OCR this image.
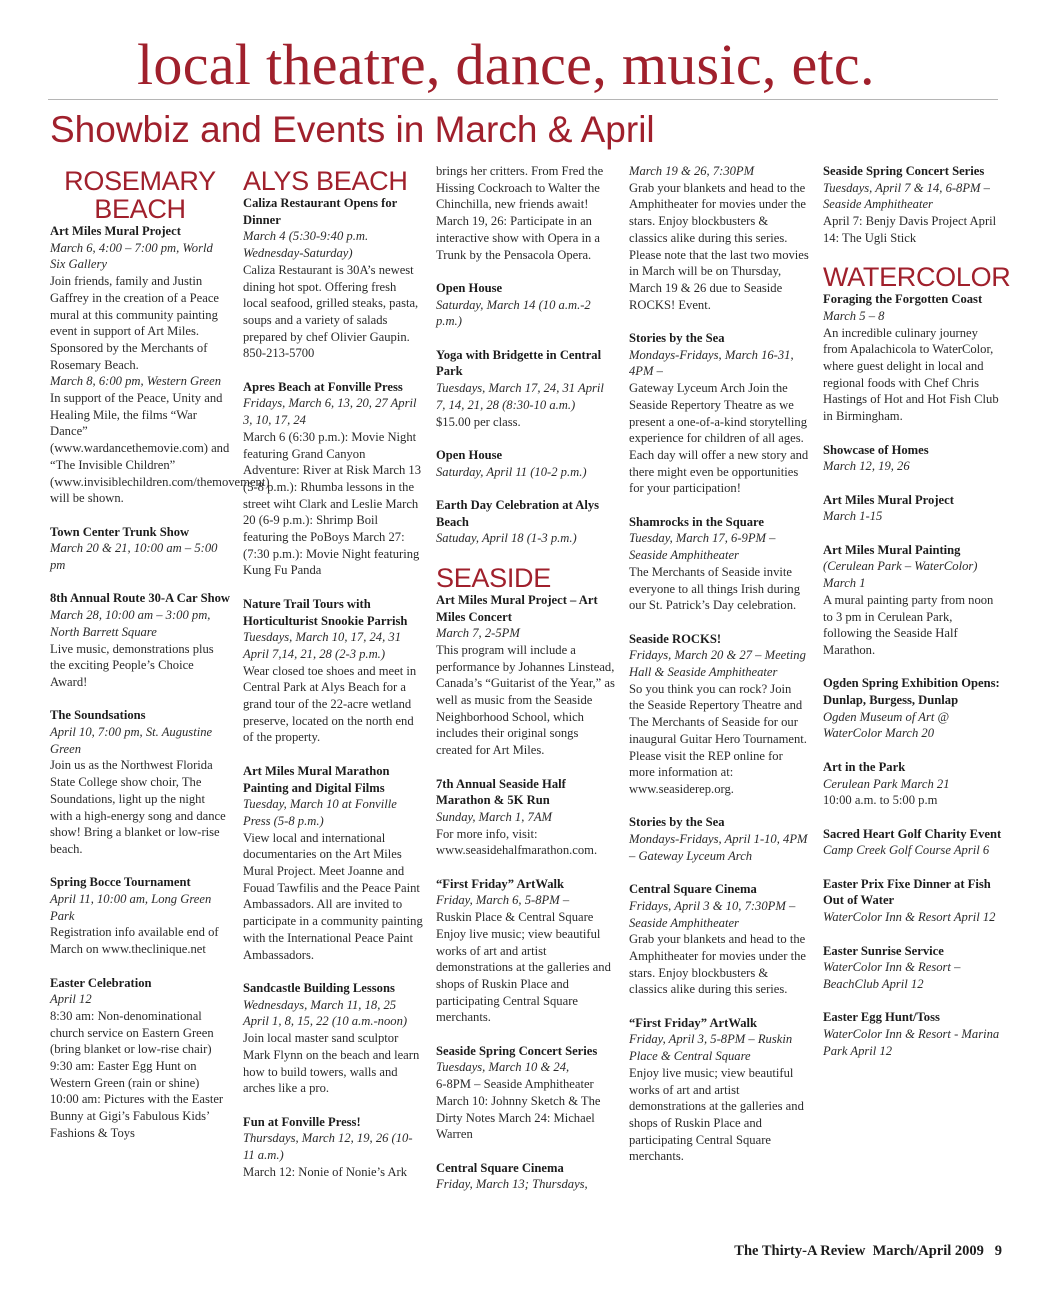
local theatre, dance, music, etc.
Showbiz and Events in March & April
ROSEMARY BEACH
Art Miles Mural Project
March 6, 4:00 – 7:00 pm, World Six Gallery
Join friends, family and Justin Gaffrey in the creation of a Peace mural at this community painting event in support of Art Miles. Sponsored by the Merchants of Rosemary Beach.
March 8, 6:00 pm, Western Green
In support of the Peace, Unity and Healing Mile, the films “War Dance” (www.wardancethemovie.com) and “The Invisible Children” (www.invisiblechildren.com/themovement) will be shown.
Town Center Trunk Show
March 20 & 21, 10:00 am – 5:00 pm
8th Annual Route 30-A Car Show
March 28, 10:00 am – 3:00 pm, North Barrett Square
Live music, demonstrations plus the exciting People’s Choice Award!
The Soundsations
April 10, 7:00 pm, St. Augustine Green
Join us as the Northwest Florida State College show choir, The Soundations, light up the night with a high-energy song and dance show! Bring a blanket or low-rise beach.
Spring Bocce Tournament
April 11, 10:00 am, Long Green Park
Registration info available end of March on www.theclinique.net
Easter Celebration
April 12
8:30 am: Non-denominational church service on Eastern Green (bring blanket or low-rise chair) 9:30 am: Easter Egg Hunt on Western Green (rain or shine) 10:00 am: Pictures with the Easter Bunny at Gigi’s Fabulous Kids’ Fashions & Toys
ALYS BEACH
Caliza Restaurant Opens for Dinner
March 4 (5:30-9:40 p.m. Wednesday-Saturday)
Caliza Restaurant is 30A’s newest dining hot spot. Offering fresh local seafood, grilled steaks, pasta, soups and a variety of salads prepared by chef Olivier Gaupin. 850-213-5700
Apres Beach at Fonville Press
Fridays, March 6, 13, 20, 27 April 3, 10, 17, 24
March 6 (6:30 p.m.): Movie Night featuring Grand Canyon Adventure: River at Risk March 13 (5-8 p.m.): Rhumba lessons in the street wiht Clark and Leslie March 20 (6-9 p.m.): Shrimp Boil featuring the PoBoys March 27: (7:30 p.m.): Movie Night featuring Kung Fu Panda
Nature Trail Tours with Horticulturist Snookie Parrish
Tuesdays, March 10, 17, 24, 31 April 7,14, 21, 28 (2-3 p.m.)
Wear closed toe shoes and meet in Central Park at Alys Beach for a grand tour of the 22-acre wetland preserve, located on the north end of the property.
Art Miles Mural Marathon Painting and Digital Films
Tuesday, March 10 at Fonville Press (5-8 p.m.)
View local and international documentaries on the Art Miles Mural Project. Meet Joanne and Fouad Tawfilis and the Peace Paint Ambassadors. All are invited to participate in a community painting with the International Peace Paint Ambassadors.
Sandcastle Building Lessons
Wednesdays, March 11, 18, 25 April 1, 8, 15, 22 (10 a.m.-noon)
Join local master sand sculptor Mark Flynn on the beach and learn how to build towers, walls and arches like a pro.
Fun at Fonville Press!
Thursdays, March 12, 19, 26 (10-11 a.m.)
March 12: Nonie of Nonie’s Ark
brings her critters. From Fred the Hissing Cockroach to Walter the Chinchilla, new friends await! March 19, 26: Participate in an interactive show with Opera in a Trunk by the Pensacola Opera.
Open House
Saturday, March 14 (10 a.m.-2 p.m.)
Yoga with Bridgette in Central Park
Tuesdays, March 17, 24, 31 April 7, 14, 21, 28 (8:30-10 a.m.)
$15.00 per class.
Open House
Saturday, April 11 (10-2 p.m.)
Earth Day Celebration at Alys Beach
Satuday, April 18 (1-3 p.m.)
SEASIDE
Art Miles Mural Project – Art Miles Concert
March 7, 2-5PM
This program will include a performance by Johannes Linstead, Canada’s “Guitarist of the Year,” as well as music from the Seaside Neighborhood School, which includes their original songs created for Art Miles.
7th Annual Seaside Half Marathon & 5K Run
Sunday, March 1, 7AM
For more info, visit: www.seasidehalfmarathon.com.
“First Friday” ArtWalk
Friday, March 6, 5-8PM –
Ruskin Place & Central Square Enjoy live music; view beautiful works of art and artist demonstrations at the galleries and shops of Ruskin Place and participating Central Square merchants.
Seaside Spring Concert Series
Tuesdays, March 10 & 24,
6-8PM – Seaside Amphitheater March 10: Johnny Sketch & The Dirty Notes March 24: Michael Warren
Central Square Cinema
Friday, March 13; Thursdays,
March 19 & 26, 7:30PM
Grab your blankets and head to the Amphitheater for movies under the stars. Enjoy blockbusters & classics alike during this series. Please note that the last two movies in March will be on Thursday, March 19 & 26 due to Seaside ROCKS! Event.
Stories by the Sea
Mondays-Fridays, March 16-31, 4PM –
Gateway Lyceum Arch Join the Seaside Repertory Theatre as we present a one-of-a-kind storytelling experience for children of all ages. Each day will offer a new story and there might even be opportunities for your participation!
Shamrocks in the Square
Tuesday, March 17, 6-9PM – Seaside Amphitheater
The Merchants of Seaside invite everyone to all things Irish during our St. Patrick’s Day celebration.
Seaside ROCKS!
Fridays, March 20 & 27 – Meeting Hall & Seaside Amphitheater
So you think you can rock? Join the Seaside Repertory Theatre and The Merchants of Seaside for our inaugural Guitar Hero Tournament. Please visit the REP online for more information at: www.seasiderep.org.
Stories by the Sea
Mondays-Fridays, April 1-10, 4PM – Gateway Lyceum Arch
Central Square Cinema
Fridays, April 3 & 10, 7:30PM – Seaside Amphitheater
Grab your blankets and head to the Amphitheater for movies under the stars. Enjoy blockbusters & classics alike during this series.
“First Friday” ArtWalk
Friday, April 3, 5-8PM – Ruskin Place & Central Square
Enjoy live music; view beautiful works of art and artist demonstrations at the galleries and shops of Ruskin Place and participating Central Square merchants.
Seaside Spring Concert Series
Tuesdays, April 7 & 14, 6-8PM – Seaside Amphitheater
April 7: Benjy Davis Project April 14: The Ugli Stick
WATERCOLOR
Foraging the Forgotten Coast
March 5 – 8
An incredible culinary journey from Apalachicola to WaterColor, where guest delight in local and regional foods with Chef Chris Hastings of Hot and Hot Fish Club in Birmingham.
Showcase of Homes
March 12, 19, 26
Art Miles Mural Project
March 1-15
Art Miles Mural Painting
(Cerulean Park – WaterColor) March 1
A mural painting party from noon to 3 pm in Cerulean Park, following the Seaside Half Marathon.
Ogden Spring Exhibition Opens: Dunlap, Burgess, Dunlap
Ogden Museum of Art @ WaterColor March 20
Art in the Park
Cerulean Park March 21
10:00 a.m. to 5:00 p.m
Sacred Heart Golf Charity Event
Camp Creek Golf Course April 6
Easter Prix Fixe Dinner at Fish Out of Water
WaterColor Inn & Resort April 12
Easter Sunrise Service
WaterColor Inn & Resort – BeachClub April 12
Easter Egg Hunt/Toss
WaterColor Inn & Resort - Marina Park April 12
The Thirty-A Review March/April 2009 9
